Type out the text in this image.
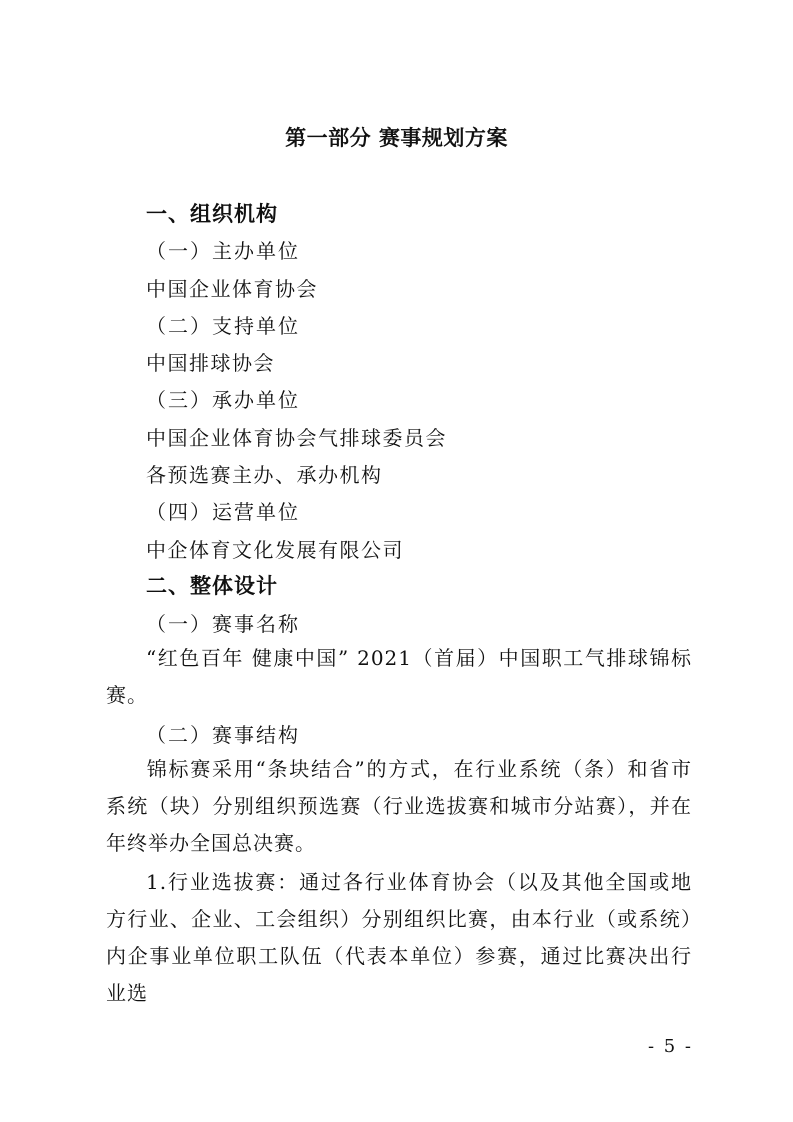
第一部分 赛事规划方案
一、组织机构
（一）主办单位
中国企业体育协会
（二）支持单位
中国排球协会
（三）承办单位
中国企业体育协会气排球委员会
各预选赛主办、承办机构
（四）运营单位
中企体育文化发展有限公司
二、整体设计
（一）赛事名称
“红色百年 健康中国” 2021（首届）中国职工气排球锦标赛。
（二）赛事结构
锦标赛采用“条块结合”的方式，在行业系统（条）和省市系统（块）分别组织预选赛（行业选拔赛和城市分站赛），并在年终举办全国总决赛。
1.行业选拔赛：通过各行业体育协会（以及其他全国或地方行业、企业、工会组织）分别组织比赛，由本行业（或系统）内企事业单位职工队伍（代表本单位）参赛，通过比赛决出行业选
- 5 -
